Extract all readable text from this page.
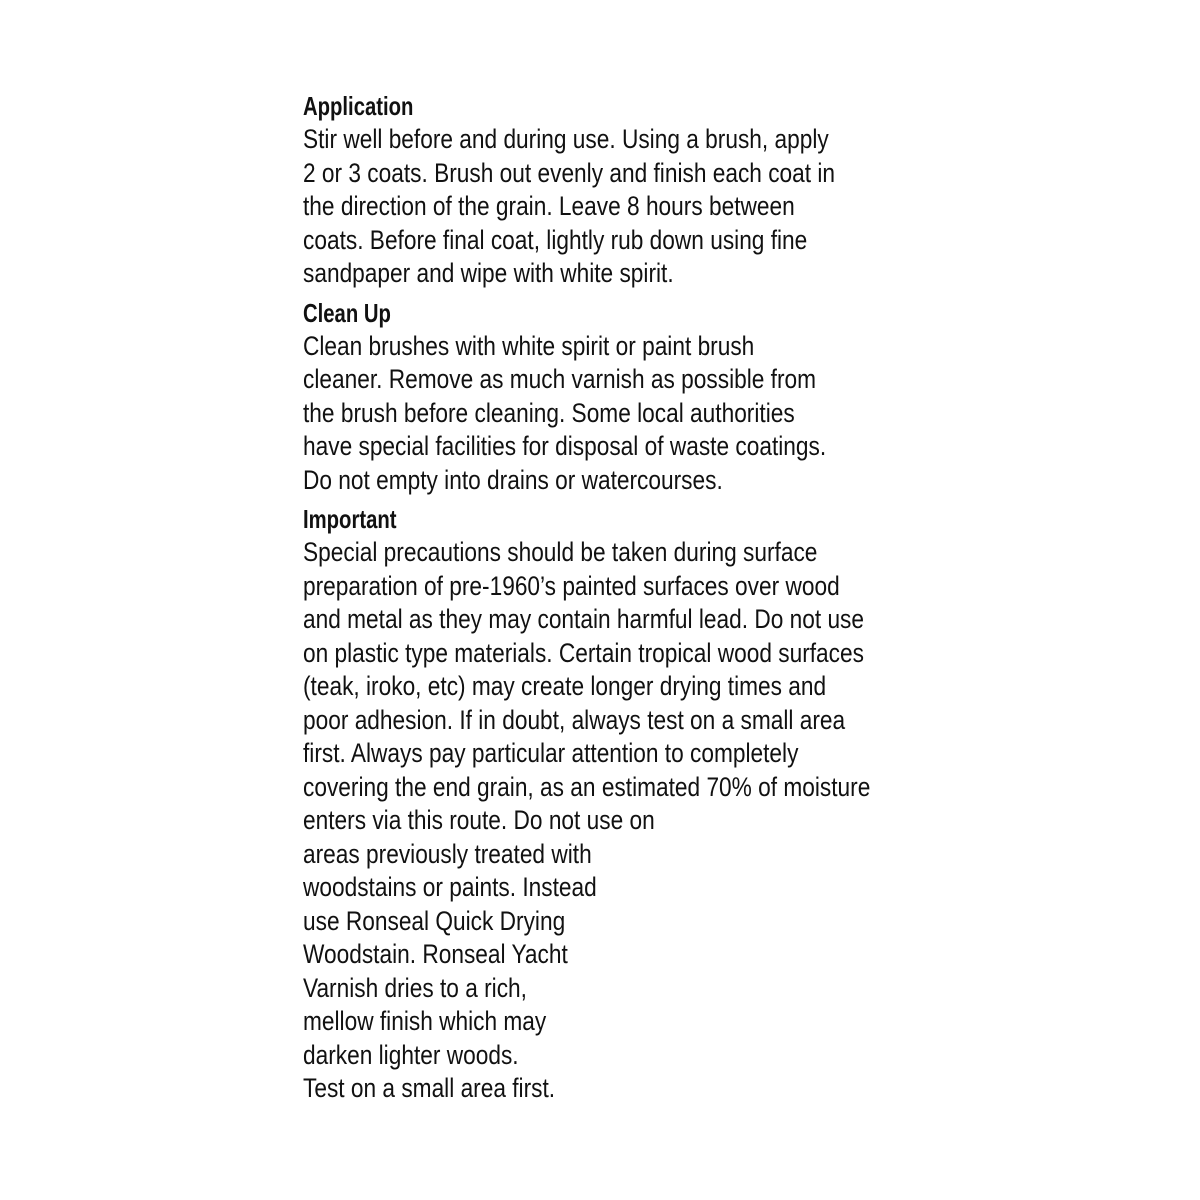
Application
Stir well before and during use. Using a brush, apply
2 or 3 coats. Brush out evenly and finish each coat in
the direction of the grain. Leave 8 hours between
coats. Before final coat, lightly rub down using fine
sandpaper and wipe with white spirit.
Clean Up
Clean brushes with white spirit or paint brush
cleaner. Remove as much varnish as possible from
the brush before cleaning. Some local authorities
have special facilities for disposal of waste coatings.
Do not empty into drains or watercourses.
Important
Special precautions should be taken during surface
preparation of pre-1960’s painted surfaces over wood
and metal as they may contain harmful lead. Do not use
on plastic type materials. Certain tropical wood surfaces
(teak, iroko, etc) may create longer drying times and
poor adhesion. If in doubt, always test on a small area
first. Always pay particular attention to completely
covering the end grain, as an estimated 70% of moisture
enters via this route. Do not use on
areas previously treated with
woodstains or paints. Instead
use Ronseal Quick Drying
Woodstain. Ronseal Yacht
Varnish dries to a rich,
mellow finish which may
darken lighter woods.
Test on a small area first.
